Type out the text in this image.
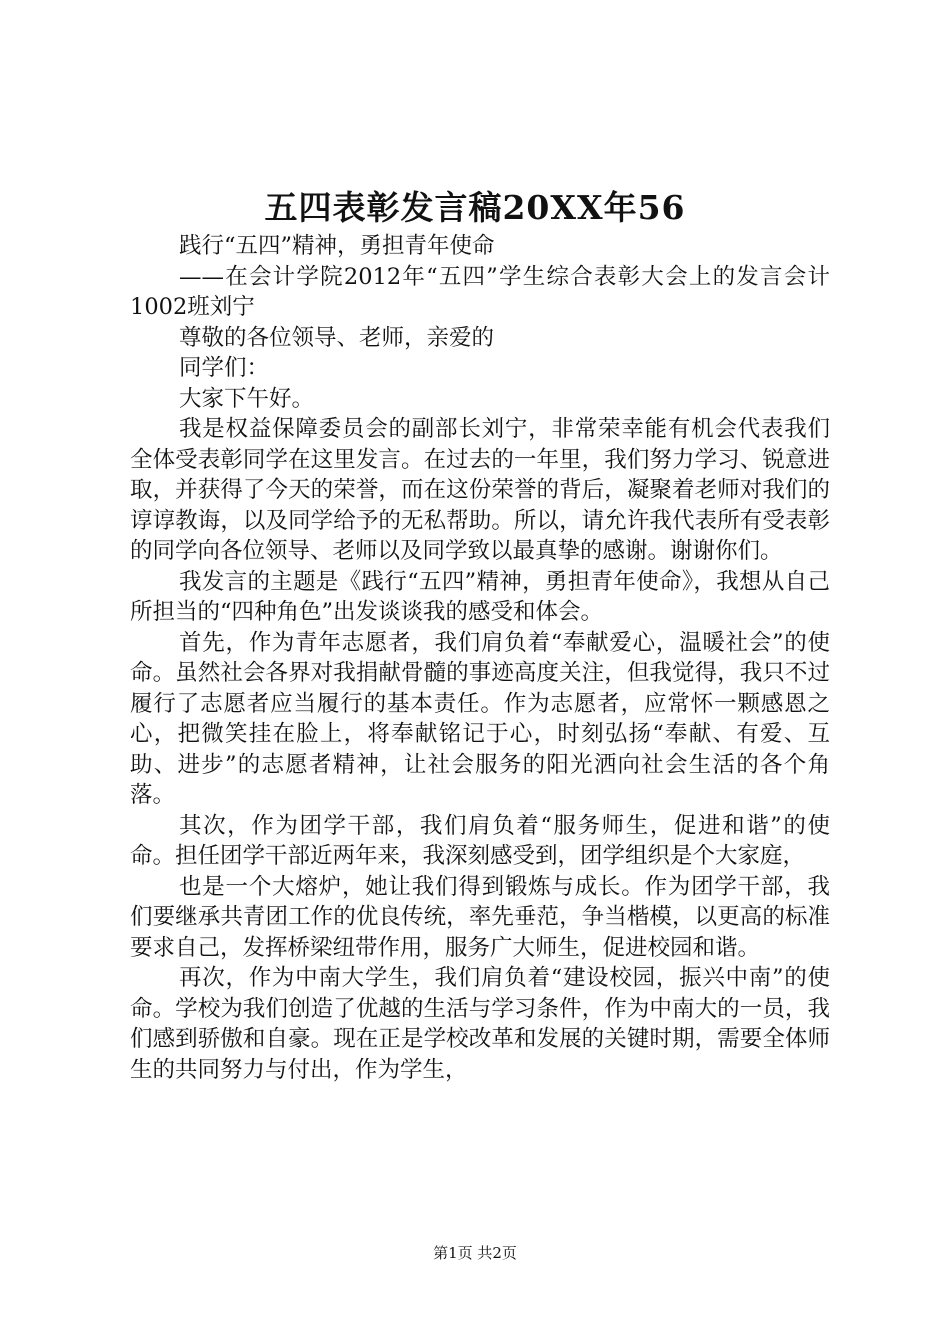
五四表彰发言稿20XX年56

践行“五四”精神，勇担青年使命

——在会计学院2012年“五四”学生综合表彰大会上的发言会计1002班刘宁

尊敬的各位领导、老师，亲爱的

同学们：

大家下午好。

我是权益保障委员会的副部长刘宁，非常荣幸能有机会代表我们全体受表彰同学在这里发言。在过去的一年里，我们努力学习、锐意进取，并获得了今天的荣誉，而在这份荣誉的背后，凝聚着老师对我们的谆谆教诲，以及同学给予的无私帮助。所以，请允许我代表所有受表彰的同学向各位领导、老师以及同学致以最真挚的感谢。谢谢你们。

我发言的主题是《践行“五四”精神，勇担青年使命》，我想从自己所担当的“四种角色”出发谈谈我的感受和体会。

首先，作为青年志愿者，我们肩负着“奉献爱心，温暖社会”的使命。虽然社会各界对我捐献骨髓的事迹高度关注，但我觉得，我只不过履行了志愿者应当履行的基本责任。作为志愿者，应常怀一颗感恩之心，把微笑挂在脸上，将奉献铭记于心，时刻弘扬“奉献、有爱、互助、进步”的志愿者精神，让社会服务的阳光洒向社会生活的各个角落。

其次，作为团学干部，我们肩负着“服务师生，促进和谐”的使命。担任团学干部近两年来，我深刻感受到，团学组织是个大家庭，

也是一个大熔炉，她让我们得到锻炼与成长。作为团学干部，我们要继承共青团工作的优良传统，率先垂范，争当楷模，以更高的标准要求自己，发挥桥梁纽带作用，服务广大师生，促进校园和谐。

再次，作为中南大学生，我们肩负着“建设校园，振兴中南”的使命。学校为我们创造了优越的生活与学习条件，作为中南大的一员，我们感到骄傲和自豪。现在正是学校改革和发展的关键时期，需要全体师生的共同努力与付出，作为学生，

第1页 共2页
